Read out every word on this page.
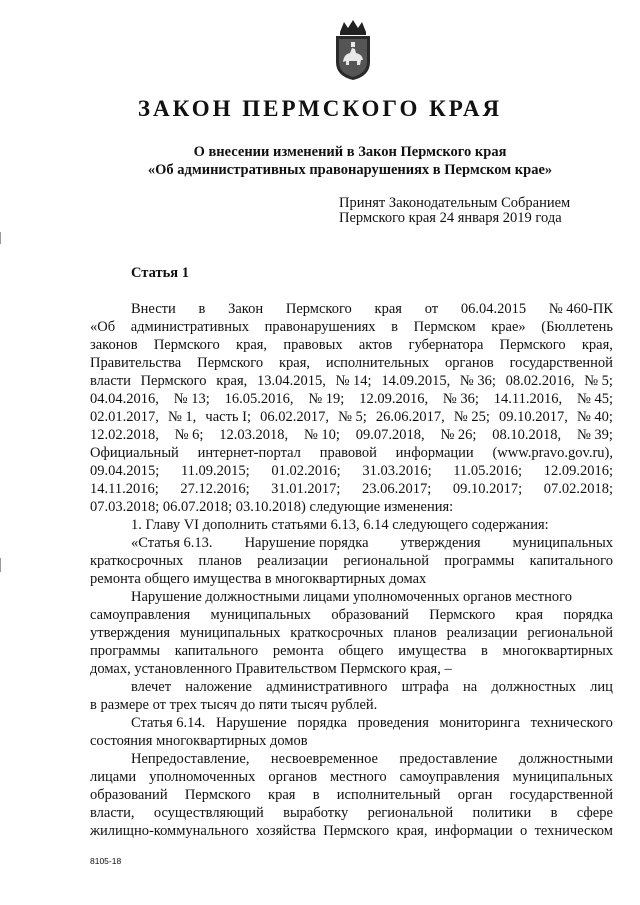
ЗАКОН ПЕРМСКОГО КРАЯ
О внесении изменений в Закон Пермского края
«Об административных правонарушениях в Пермском крае»
Принят Законодательным Собранием
Пермского края 24 января 2019 года
Статья 1
Внести в Закон Пермского края от 06.04.2015 № 460-ПК
«Об административных правонарушениях в Пермском крае» (Бюллетень
законов Пермского края, правовых актов губернатора Пермского края,
Правительства Пермского края, исполнительных органов государственной
власти Пермского края, 13.04.2015, № 14; 14.09.2015, № 36; 08.02.2016, № 5;
04.04.2016, № 13; 16.05.2016, № 19; 12.09.2016, № 36; 14.11.2016, № 45;
02.01.2017, № 1, часть I; 06.02.2017, № 5; 26.06.2017, № 25; 09.10.2017, № 40;
12.02.2018, № 6; 12.03.2018, № 10; 09.07.2018, № 26; 08.10.2018, № 39;
Официальный интернет-портал правовой информации (www.pravo.gov.ru),
09.04.2015; 11.09.2015; 01.02.2016; 31.03.2016; 11.05.2016; 12.09.2016;
14.11.2016; 27.12.2016; 31.01.2017; 23.06.2017; 09.10.2017; 07.02.2018;
07.03.2018; 06.07.2018; 03.10.2018) следующие изменения:
1. Главу VI дополнить статьями 6.13, 6.14 следующего содержания:
«Статья 6.13. Нарушение порядка утверждения муниципальных
краткосрочных планов реализации региональной программы капитального
ремонта общего имущества в многоквартирных домах
Нарушение должностными лицами уполномоченных органов местного
самоуправления муниципальных образований Пермского края порядка
утверждения муниципальных краткосрочных планов реализации региональной
программы капитального ремонта общего имущества в многоквартирных
домах, установленного Правительством Пермского края, –
влечет наложение административного штрафа на должностных лиц
в размере от трех тысяч до пяти тысяч рублей.
Статья 6.14. Нарушение порядка проведения мониторинга технического
состояния многоквартирных домов
Непредоставление, несвоевременное предоставление должностными
лицами уполномоченных органов местного самоуправления муниципальных
образований Пермского края в исполнительный орган государственной
власти, осуществляющий выработку региональной политики в сфере
жилищно-коммунального хозяйства Пермского края, информации о техническом
8105-18
